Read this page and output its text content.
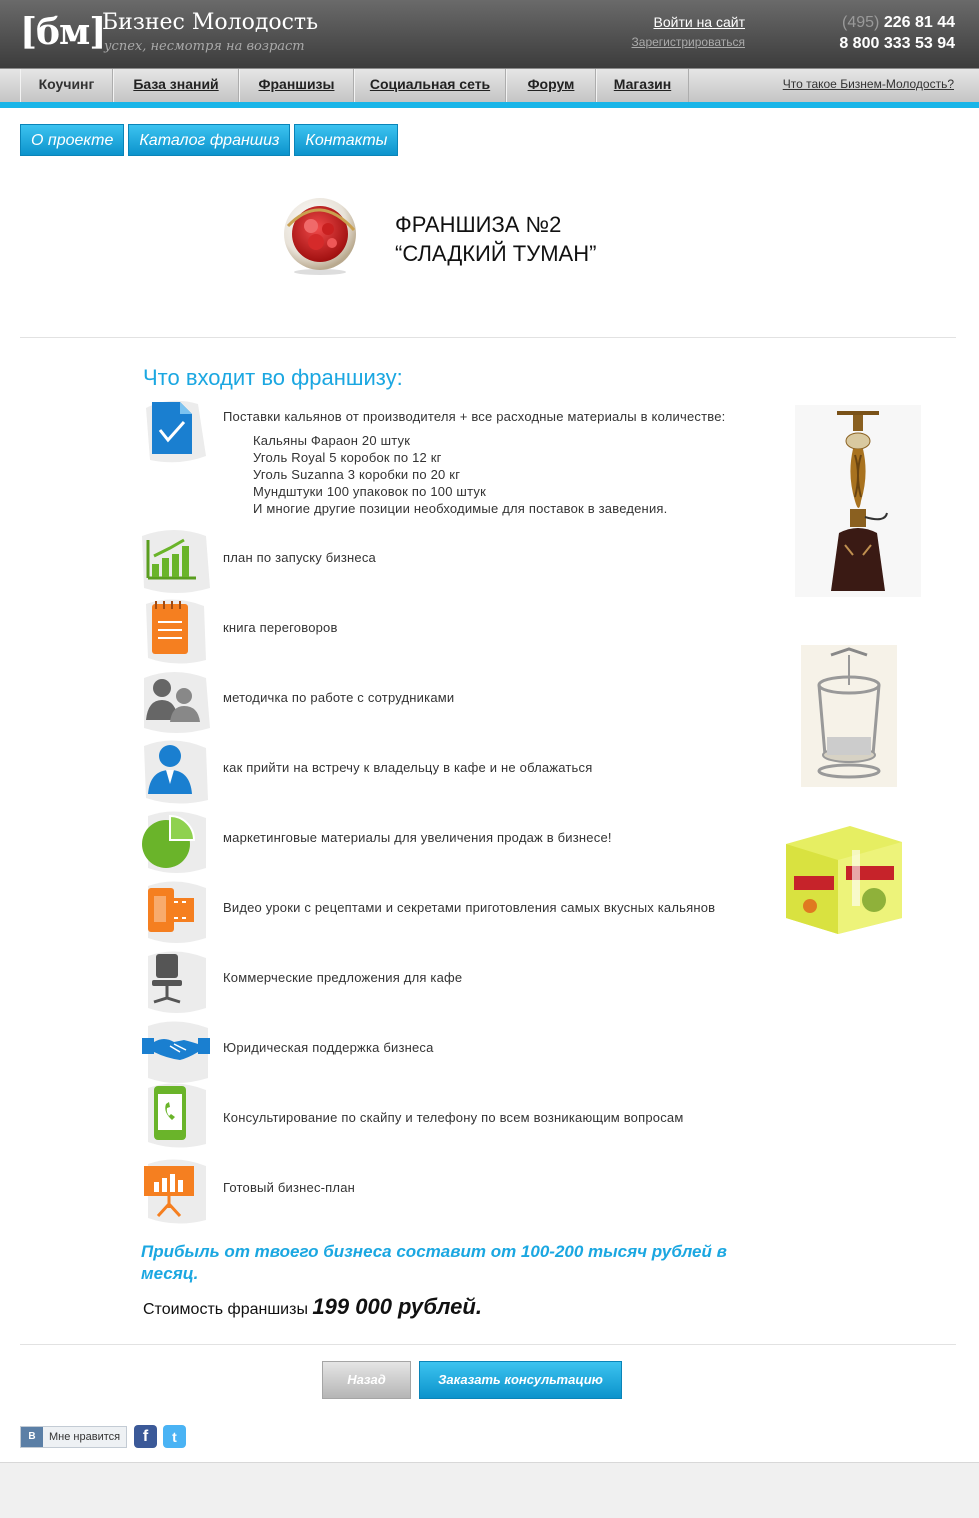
[бм]
Бизнес Молодость
успех, несмотря на возраст
Войти на сайт
Зарегистрироваться
(495) 226 81 44
8 800 333 53 94
Коучинг	База знаний	Франшизы	Социальная сеть	Форум	Магазин	Что такое Бизнем-Молодость?
О проекте	Каталог франшиз	Контакты
ФРАНШИЗА №2
“СЛАДКИЙ ТУМАН”
Что входит во франшизу:
Поставки кальянов от производителя + все расходные материалы в количестве:
Кальяны Фараон 20 штук
Уголь Royal 5 коробок по 12 кг
Уголь Suzanna 3 коробки по 20 кг
Мундштуки 100 упаковок по 100 штук
И многие другие позиции необходимые для поставок в заведения.
план по запуску бизнеса
книга переговоров
методичка по работе с сотрудниками
как прийти на встречу к владельцу в кафе и не облажаться
маркетинговые материалы для увеличения продаж в бизнесе!
Видео уроки с рецептами и секретами приготовления самых вкусных кальянов
Коммерческие предложения для кафе
Юридическая поддержка бизнеса
Консультирование по скайпу и телефону по всем возникающим вопросам
Готовый бизнес-план
Прибыль от твоего бизнеса составит от 100-200 тысяч рублей в месяц.
Стоимость франшизы 199 000 рублей.
Назад	Заказать консультацию
В	Мне нравится	f	t
